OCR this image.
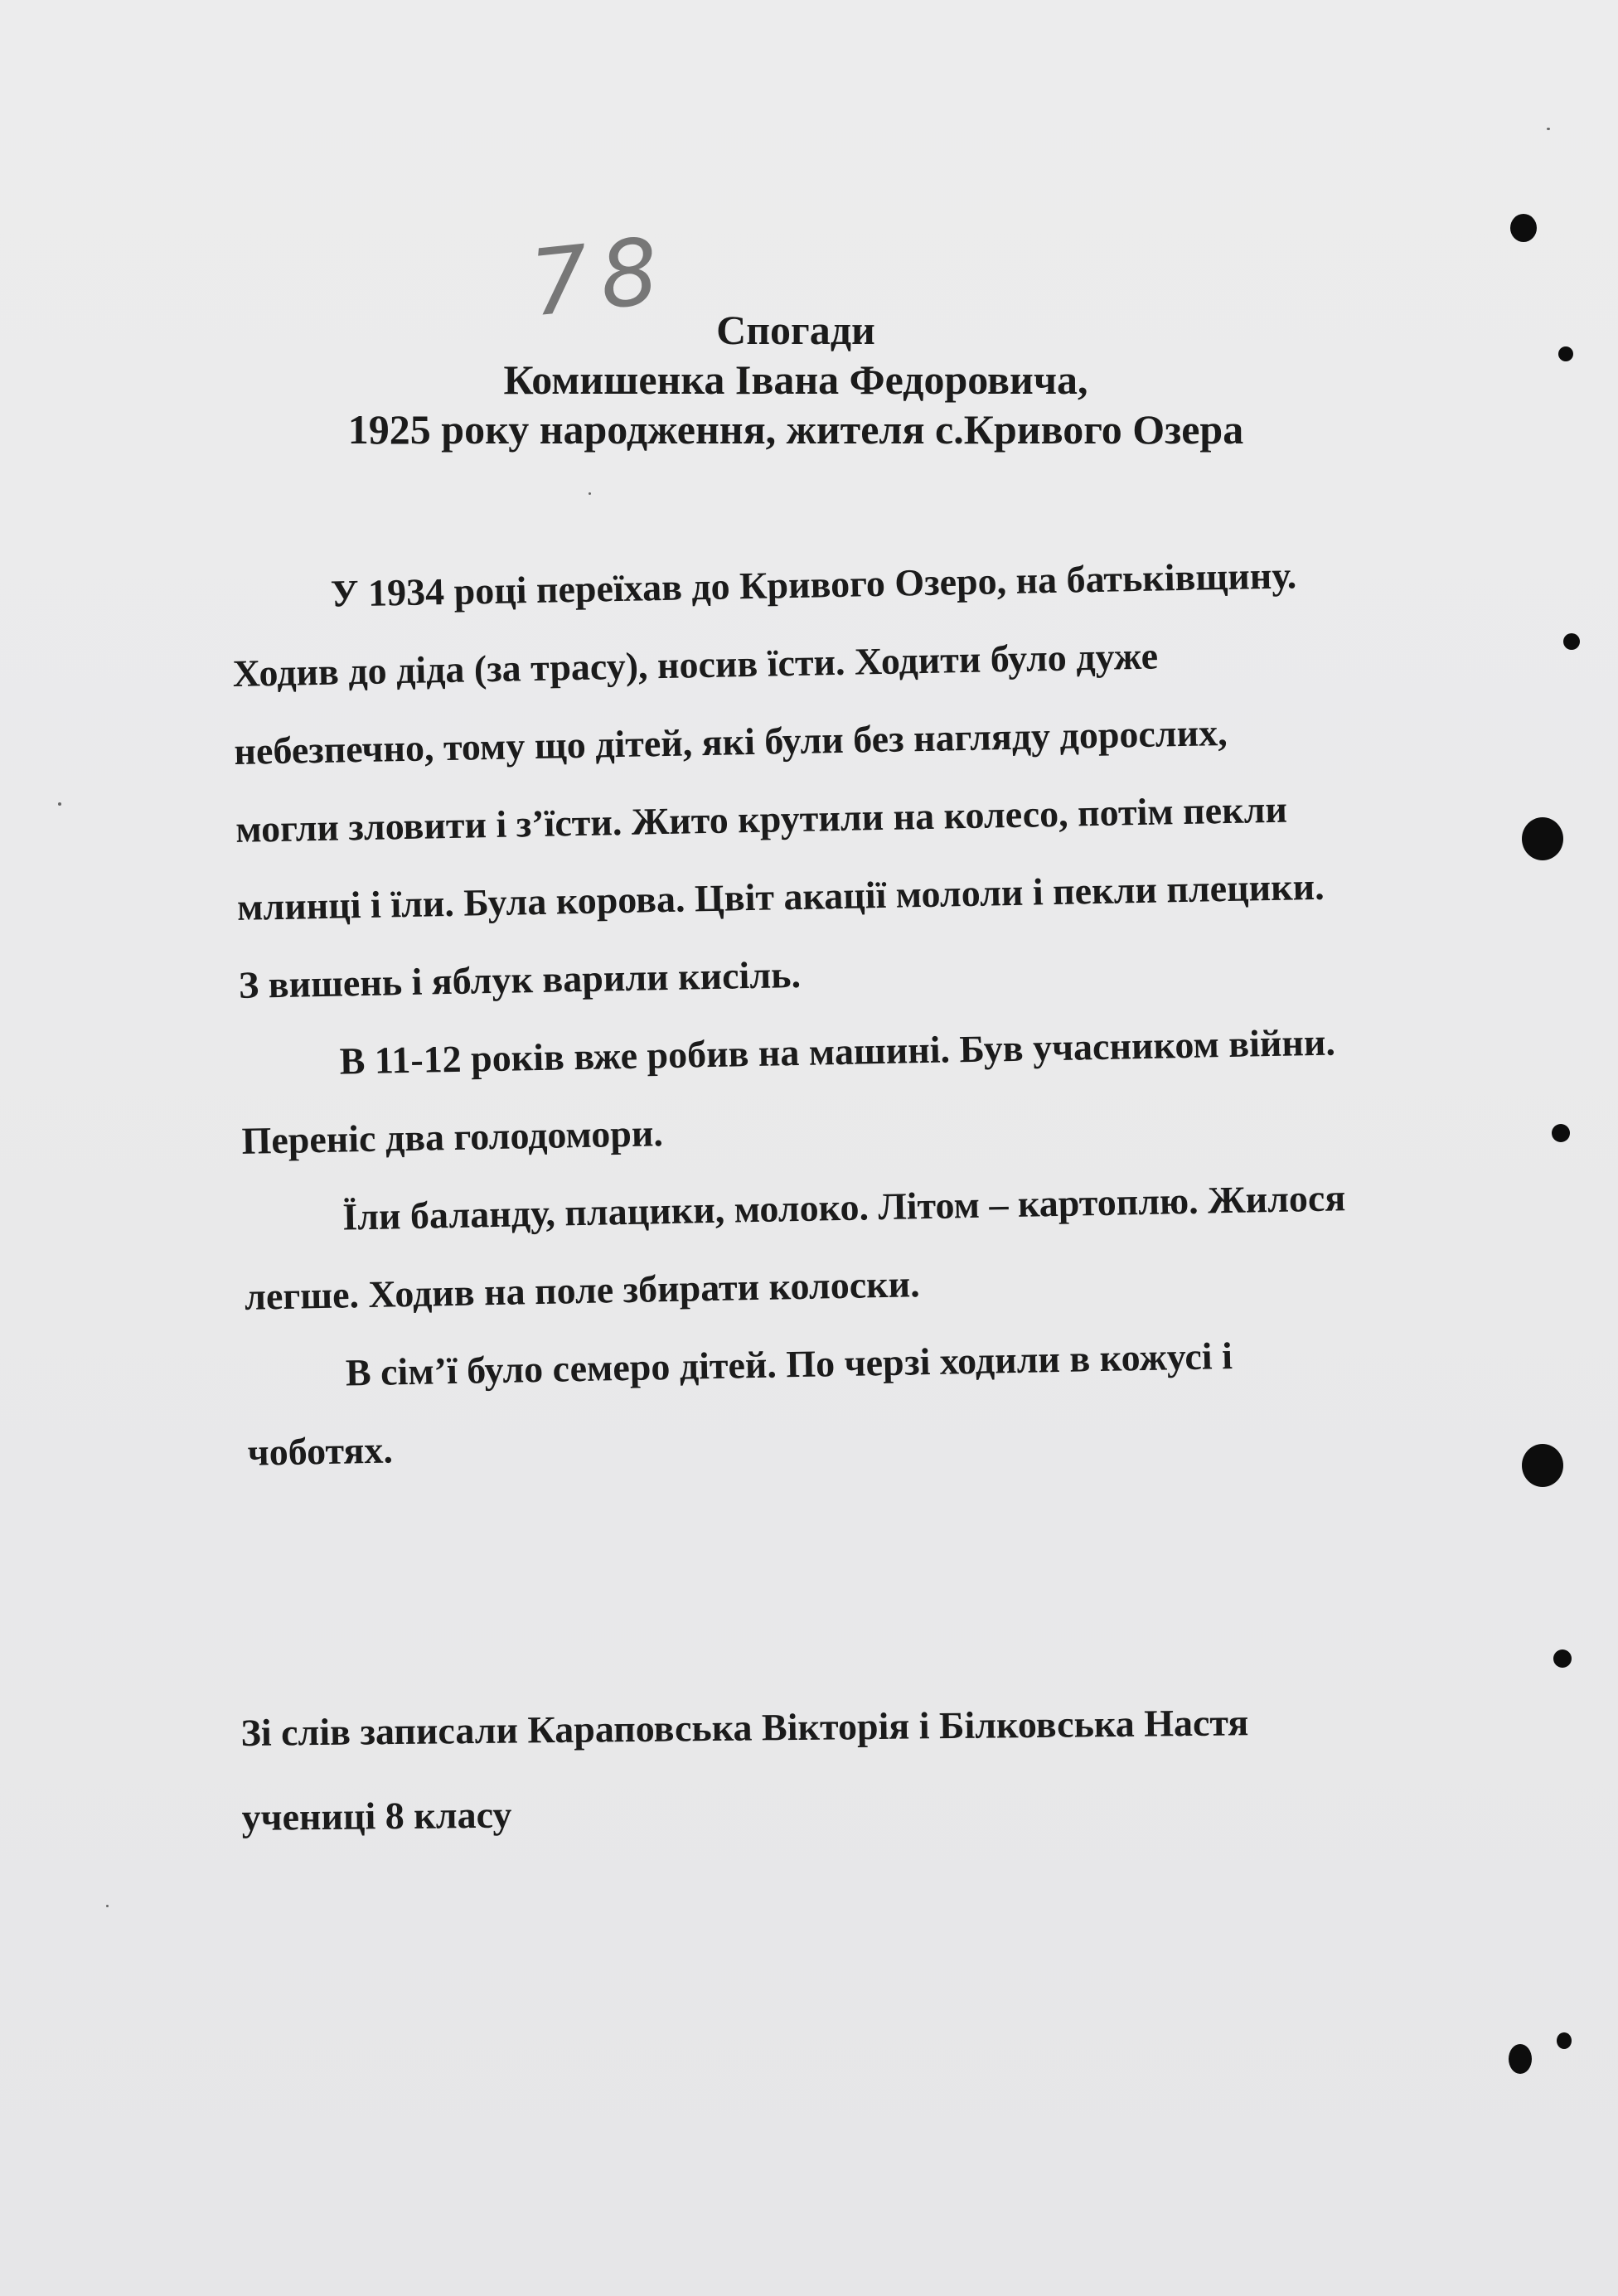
78 Спогади
Комишенка Івана Федоровича,
1925 року народження, жителя с.Кривого Озера
У 1934 році переїхав до Кривого Озеро, на батьківщину.
Ходив до діда (за трасу), носив їсти. Ходити було дуже
небезпечно, тому що дітей, які були без нагляду дорослих,
могли зловити і з’їсти. Жито крутили на колесо, потім пекли
млинці і їли. Була корова. Цвіт акації мололи і пекли плецики.
З вишень і яблук варили кисіль.
В 11-12 років вже робив на машині. Був учасником війни.
Переніс два голодомори.
Їли баланду, плацики, молоко. Літом – картоплю. Жилося
легше. Ходив на поле збирати колоски.
В сім’ї було семеро дітей. По черзі ходили в кожусі і
чоботях.
Зі слів записали Караповська Вікторія і Білковська Настя
учениці 8 класу
